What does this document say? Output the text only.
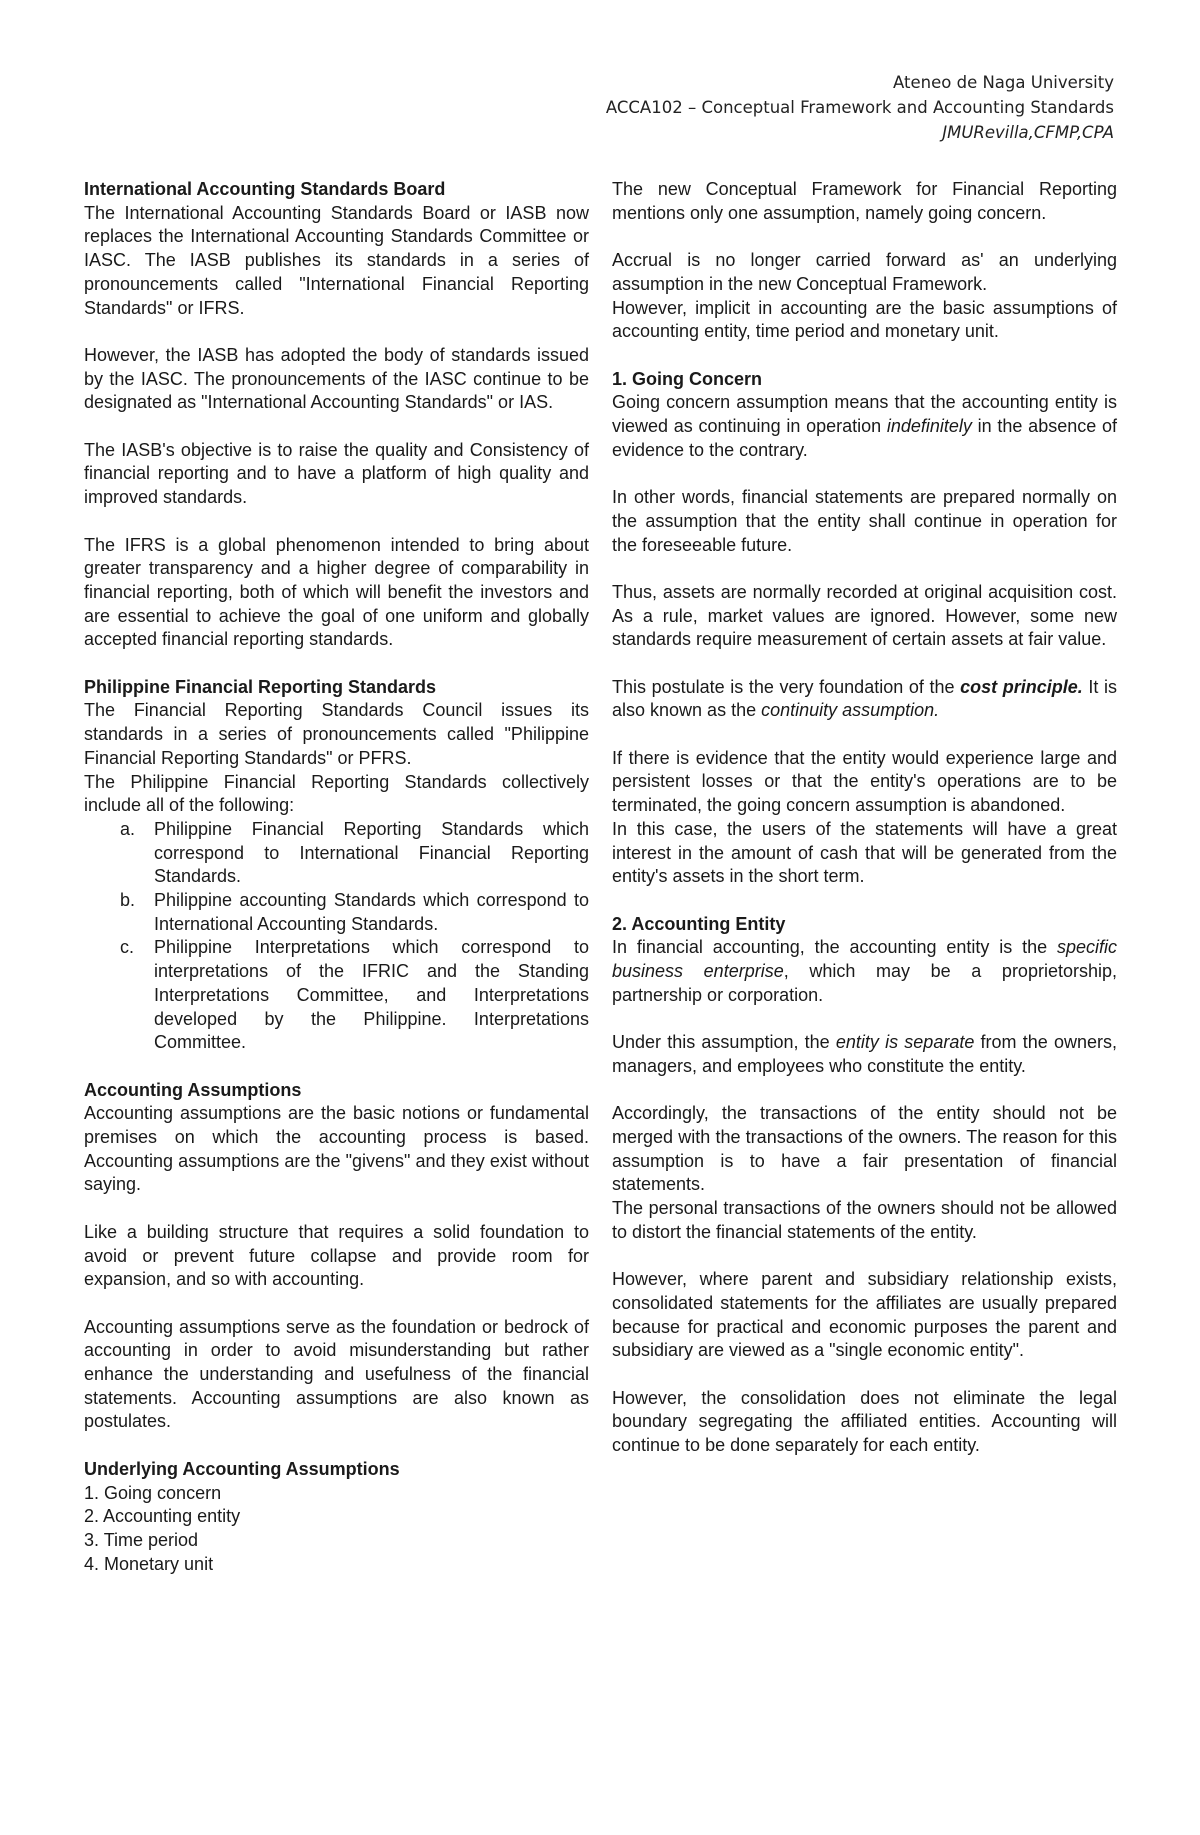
Ateneo de Naga University
ACCA102 – Conceptual Framework and Accounting Standards
JMURevilla,CFMP,CPA
International Accounting Standards Board

The International Accounting Standards Board or IASB now replaces the International Accounting Standards Committee or IASC. The IASB publishes its standards in a series of pronouncements called "International Financial Reporting Standards" or IFRS.

However, the IASB has adopted the body of standards issued by the IASC. The pronouncements of the IASC continue to be designated as "International Accounting Standards" or IAS.

The IASB's objective is to raise the quality and Consistency of financial reporting and to have a platform of high quality and improved standards.

The IFRS is a global phenomenon intended to bring about greater transparency and a higher degree of comparability in financial reporting, both of which will benefit the investors and are essential to achieve the goal of one uniform and globally accepted financial reporting standards.

Philippine Financial Reporting Standards

The Financial Reporting Standards Council issues its standards in a series of pronouncements called "Philippine Financial Reporting Standards" or PFRS.

The Philippine Financial Reporting Standards collectively include all of the following:

a. Philippine Financial Reporting Standards which correspond to International Financial Reporting Standards.
b. Philippine accounting Standards which correspond to International Accounting Standards.
c. Philippine Interpretations which correspond to interpretations of the IFRIC and the Standing Interpretations Committee, and Interpretations developed by the Philippine. Interpretations Committee.
Accounting Assumptions

Accounting assumptions are the basic notions or fundamental premises on which the accounting process is based. Accounting assumptions are the "givens" and they exist without saying.

Like a building structure that requires a solid foundation to avoid or prevent future collapse and provide room for expansion, and so with accounting.

Accounting assumptions serve as the foundation or bedrock of accounting in order to avoid misunderstanding but rather enhance the understanding and usefulness of the financial statements. Accounting assumptions are also known as postulates.

Underlying Accounting Assumptions
1. Going concern
2. Accounting entity
3. Time period
4. Monetary unit

The new Conceptual Framework for Financial Reporting mentions only one assumption, namely going concern.

Accrual is no longer carried forward as' an underlying assumption in the new Conceptual Framework.

However, implicit in accounting are the basic assumptions of accounting entity, time period and monetary unit.

1. Going Concern

Going concern assumption means that the accounting entity is viewed as continuing in operation indefinitely in the absence of evidence to the contrary.

In other words, financial statements are prepared normally on the assumption that the entity shall continue in operation for the foreseeable future.

Thus, assets are normally recorded at original acquisition cost. As a rule, market values are ignored. However, some new standards require measurement of certain assets at fair value.

This postulate is the very foundation of the cost principle. It is also known as the continuity assumption.

If there is evidence that the entity would experience large and persistent losses or that the entity's operations are to be terminated, the going concern assumption is abandoned.

In this case, the users of the statements will have a great interest in the amount of cash that will be generated from the entity's assets in the short term.

2. Accounting Entity

In financial accounting, the accounting entity is the specific business enterprise, which may be a proprietorship, partnership or corporation.

Under this assumption, the entity is separate from the owners, managers, and employees who constitute the entity.

Accordingly, the transactions of the entity should not be merged with the transactions of the owners. The reason for this assumption is to have a fair presentation of financial statements.

The personal transactions of the owners should not be allowed to distort the financial statements of the entity.

However, where parent and subsidiary relationship exists, consolidated statements for the affiliates are usually prepared because for practical and economic purposes the parent and subsidiary are viewed as a "single economic entity".

However, the consolidation does not eliminate the legal boundary segregating the affiliated entities. Accounting will continue to be done separately for each entity.
